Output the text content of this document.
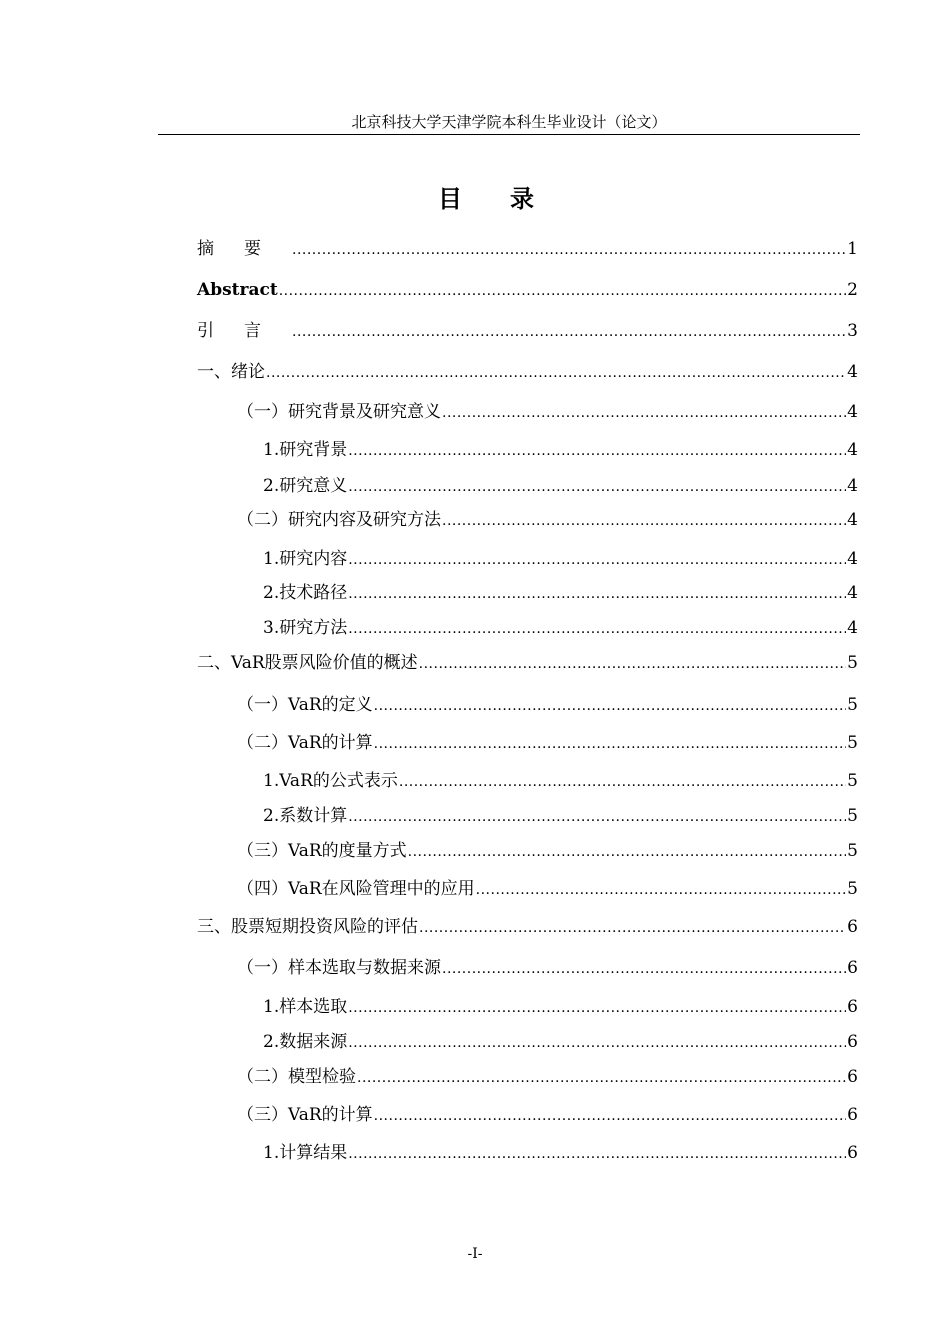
北京科技大学天津学院本科生毕业设计（论文）
目录
摘要 .....	1
Abstract .....	2
引言 .....	3
一、绪论 .....	4
（一）研究背景及研究意义 .....	4
1.研究背景 .....	4
2.研究意义 .....	4
（二）研究内容及研究方法 .....	4
1.研究内容 .....	4
2.技术路径 .....	4
3.研究方法 .....	4
二、VaR股票风险价值的概述 .....	5
（一）VaR的定义 .....	5
（二）VaR的计算 .....	5
1.VaR的公式表示 .....	5
2.系数计算 .....	5
（三）VaR的度量方式 .....	5
（四）VaR在风险管理中的应用 .....	5
三、股票短期投资风险的评估 .....	6
（一）样本选取与数据来源 .....	6
1.样本选取 .....	6
2.数据来源 .....	6
（二）模型检验 .....	6
（三）VaR的计算 .....	6
1.计算结果 .....	6
-I-
